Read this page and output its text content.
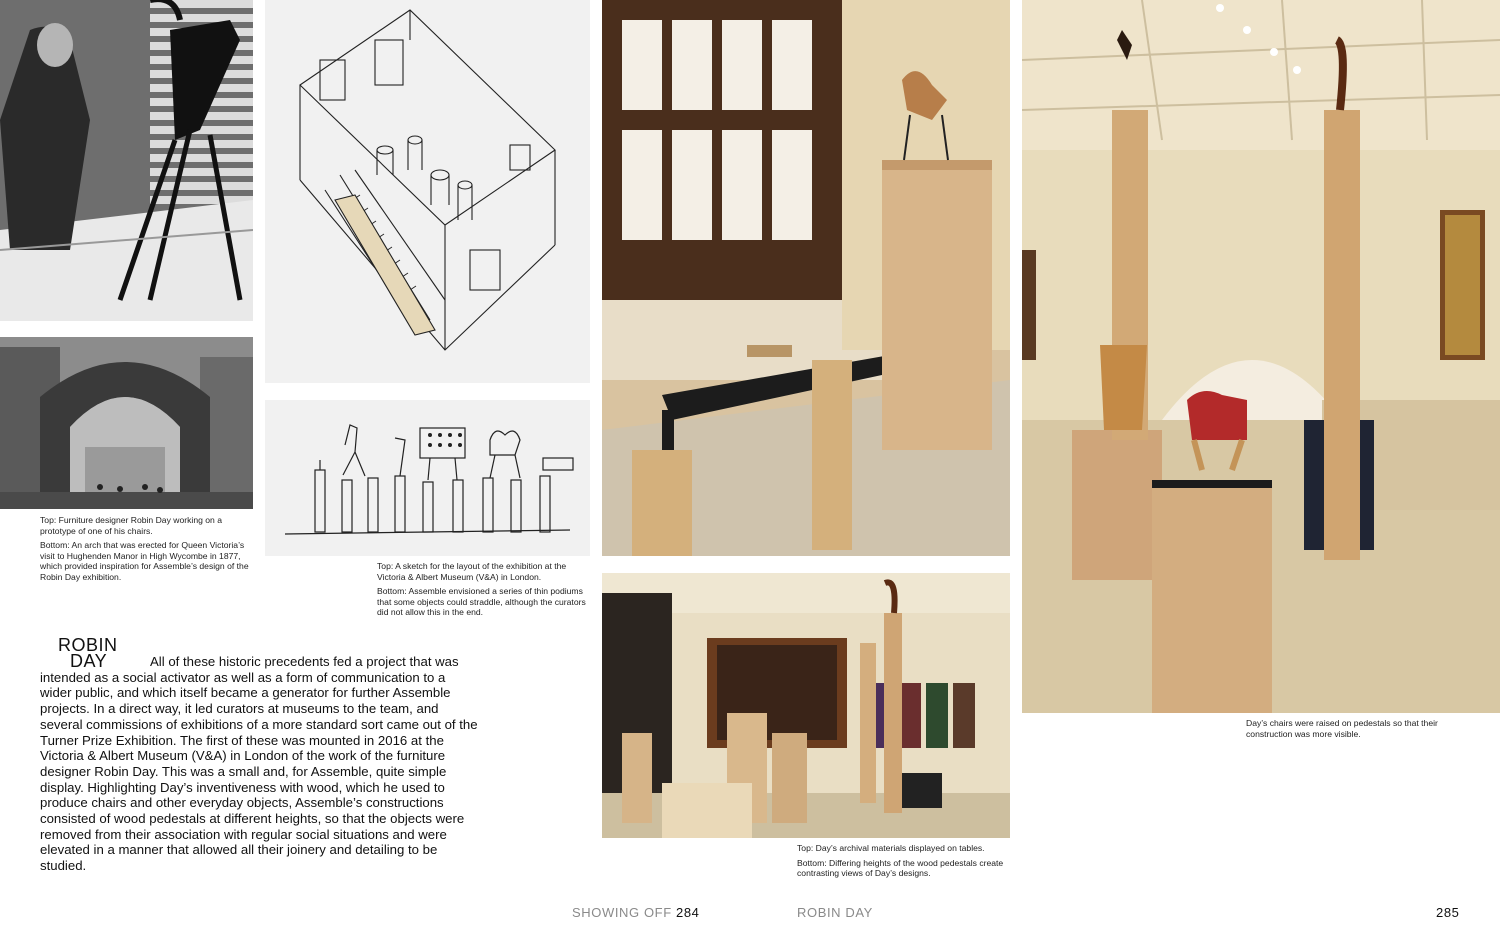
Top: Furniture designer Robin Day working on a prototype of one of his chairs.

Bottom: An arch that was erected for Queen Victoria’s visit to Hughenden Manor in High Wycombe in 1877, which provided inspiration for Assemble’s design of the Robin Day exhibition.

Top: A sketch for the layout of the exhibition at the Victoria & Albert Museum (V&A) in London.

Bottom: Assemble envisioned a series of thin podiums that some objects could straddle, although the curators did not allow this in the end.

Top: Day’s archival materials displayed on tables.

Bottom: Differing heights of the wood pedestals create contrasting views of Day’s designs.

Day’s chairs were raised on pedestals so that their construction was more visible.
ROBIN
DAY	All of these historic precedents fed a project that was intended as a social activator as well as a form of communication to a wider public, and which itself became a generator for further Assemble projects. In a direct way, it led curators at museums to the team, and several commissions of exhibitions of a more standard sort came out of the Turner Prize Exhibition. The first of these was mounted in 2016 at the Victoria & Albert Museum (V&A) in London of the work of the furniture designer Robin Day. This was a small and, for Assemble, quite simple display. Highlighting Day’s inventiveness with wood, which he used to produce chairs and other everyday objects, Assemble’s constructions consisted of wood pedestals at different heights, so that the objects were removed from their association with regular social situations and were elevated in a manner that allowed all their joinery and detailing to be studied.
SHOWING OFF 284	ROBIN DAY	285
